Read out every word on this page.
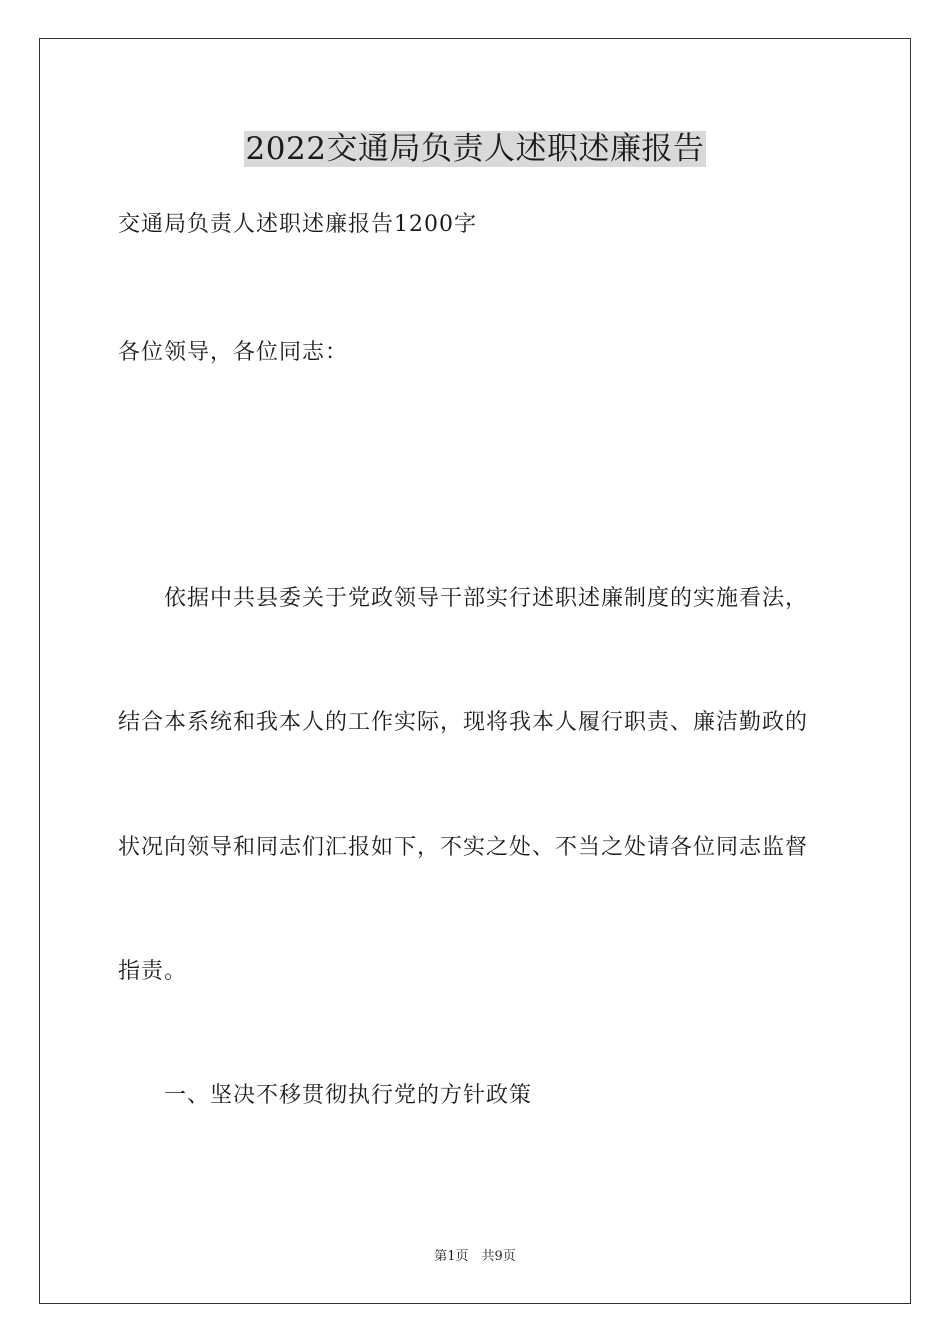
2022交通局负责人述职述廉报告
交通局负责人述职述廉报告1200字
各位领导，各位同志：
依据中共县委关于党政领导干部实行述职述廉制度的实施看法，
结合本系统和我本人的工作实际，现将我本人履行职责、廉洁勤政的
状况向领导和同志们汇报如下，不实之处、不当之处请各位同志监督
指责。
一、坚决不移贯彻执行党的方针政策
第1页　共9页
